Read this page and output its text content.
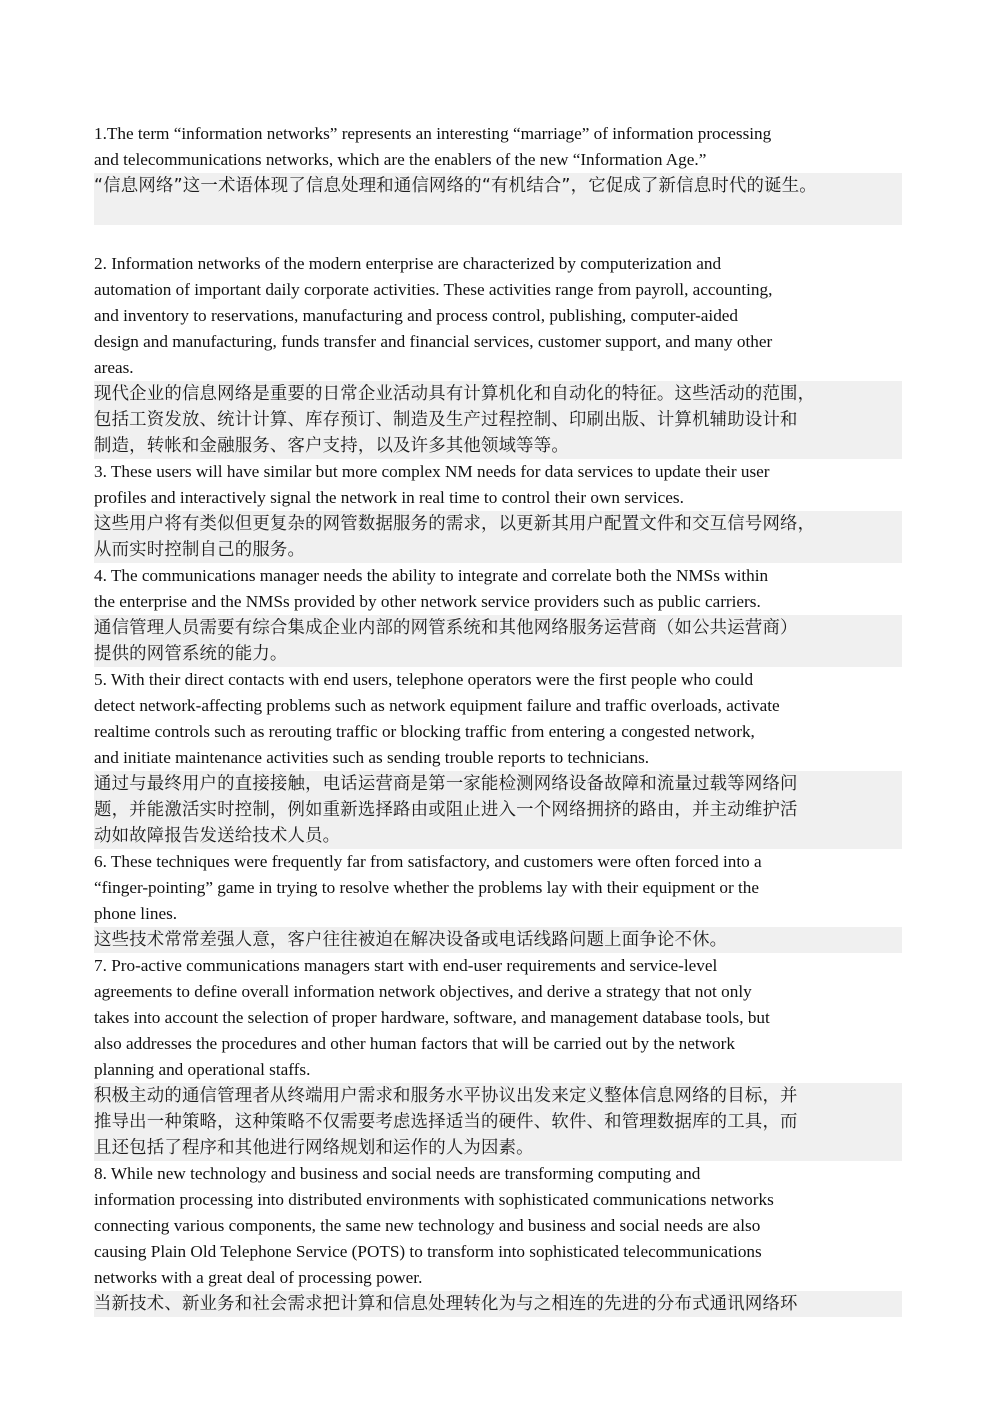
1.The term “information networks” represents an interesting “marriage” of information processing
and telecommunications networks, which are the enablers of the new “Information Age.”

“信息网络”这一术语体现了信息处理和通信网络的“有机结合”，它促成了新信息时代的诞生。

2. Information networks of the modern enterprise are characterized by computerization and
automation of important daily corporate activities. These activities range from payroll, accounting,
and inventory to reservations, manufacturing and process control, publishing, computer-aided
design and manufacturing, funds transfer and financial services, customer support, and many other
areas.

现代企业的信息网络是重要的日常企业活动具有计算机化和自动化的特征。这些活动的范围，
包括工资发放、统计计算、库存预订、制造及生产过程控制、印刷出版、计算机辅助设计和
制造，转帐和金融服务、客户支持，以及许多其他领域等等。

3. These users will have similar but more complex NM needs for data services to update their user
profiles and interactively signal the network in real time to control their own services.

这些用户将有类似但更复杂的网管数据服务的需求，以更新其用户配置文件和交互信号网络，
从而实时控制自己的服务。

4. The communications manager needs the ability to integrate and correlate both the NMSs within
the enterprise and the NMSs provided by other network service providers such as public carriers.

通信管理人员需要有综合集成企业内部的网管系统和其他网络服务运营商（如公共运营商）
提供的网管系统的能力。

5. With their direct contacts with end users, telephone operators were the first people who could
detect network-affecting problems such as network equipment failure and traffic overloads, activate
realtime controls such as rerouting traffic or blocking traffic from entering a congested network,
and initiate maintenance activities such as sending trouble reports to technicians.

通过与最终用户的直接接触，电话运营商是第一家能检测网络设备故障和流量过载等网络问
题，并能激活实时控制，例如重新选择路由或阻止进入一个网络拥挤的路由，并主动维护活
动如故障报告发送给技术人员。

6. These techniques were frequently far from satisfactory, and customers were often forced into a
“finger-pointing” game in trying to resolve whether the problems lay with their equipment or the
phone lines.

这些技术常常差强人意，客户往往被迫在解决设备或电话线路问题上面争论不休。

7. Pro-active communications managers start with end-user requirements and service-level
agreements to define overall information network objectives, and derive a strategy that not only
takes into account the selection of proper hardware, software, and management database tools, but
also addresses the procedures and other human factors that will be carried out by the network
planning and operational staffs.

积极主动的通信管理者从终端用户需求和服务水平协议出发来定义整体信息网络的目标，并
推导出一种策略，这种策略不仅需要考虑选择适当的硬件、软件、和管理数据库的工具，而
且还包括了程序和其他进行网络规划和运作的人为因素。

8. While new technology and business and social needs are transforming computing and
information processing into distributed environments with sophisticated communications networks
connecting various components, the same new technology and business and social needs are also
causing Plain Old Telephone Service (POTS) to transform into sophisticated telecommunications
networks with a great deal of processing power.

当新技术、新业务和社会需求把计算和信息处理转化为与之相连的先进的分布式通讯网络环
